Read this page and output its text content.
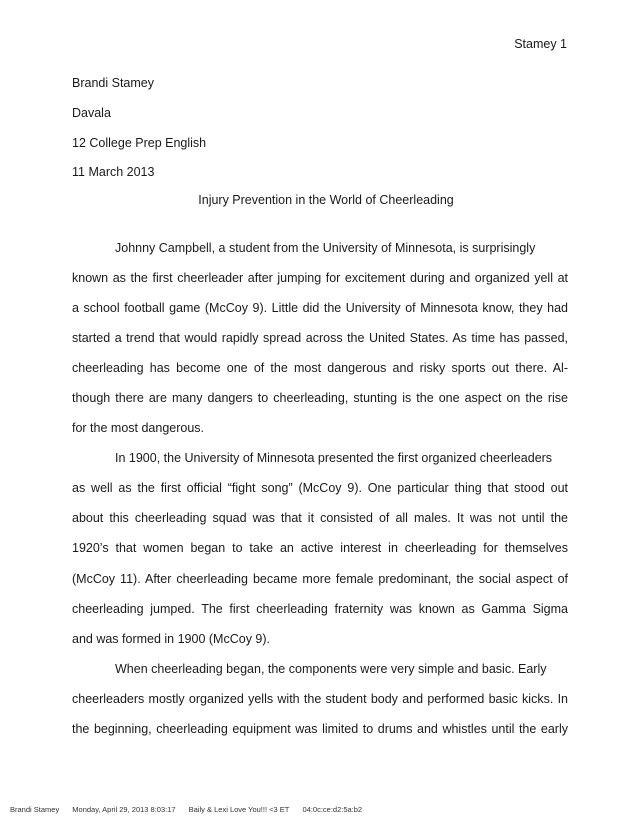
Stamey 1
Brandi Stamey
Davala
12 College Prep English
11 March 2013
Injury Prevention in the World of Cheerleading
Johnny Campbell, a student from the University of Minnesota, is surprisingly
known as the first cheerleader after jumping for excitement during and organized yell at
a school football game (McCoy 9). Little did the University of Minnesota know, they had
started a trend that would rapidly spread across the United States. As time has passed,
cheerleading has become one of the most dangerous and risky sports out there. Al-
though there are many dangers to cheerleading, stunting is the one aspect on the rise
for the most dangerous.
In 1900, the University of Minnesota presented the first organized cheerleaders
as well as the first official “fight song” (McCoy 9). One particular thing that stood out
about this cheerleading squad was that it consisted of all males. It was not until the
1920’s that women began to take an active interest in cheerleading for themselves
(McCoy 11). After cheerleading became more female predominant, the social aspect of
cheerleading jumped. The first cheerleading fraternity was known as Gamma Sigma
and was formed in 1900 (McCoy 9).
When cheerleading began, the components were very simple and basic. Early
cheerleaders mostly organized yells with the student body and performed basic kicks. In
the beginning, cheerleading equipment was limited to drums and whistles until the early
Brandi Stamey Monday, April 29, 2013 8:03:17 Baily & Lexi Love You!!! <3 ET 04:0c:ce:d2:5a:b2
